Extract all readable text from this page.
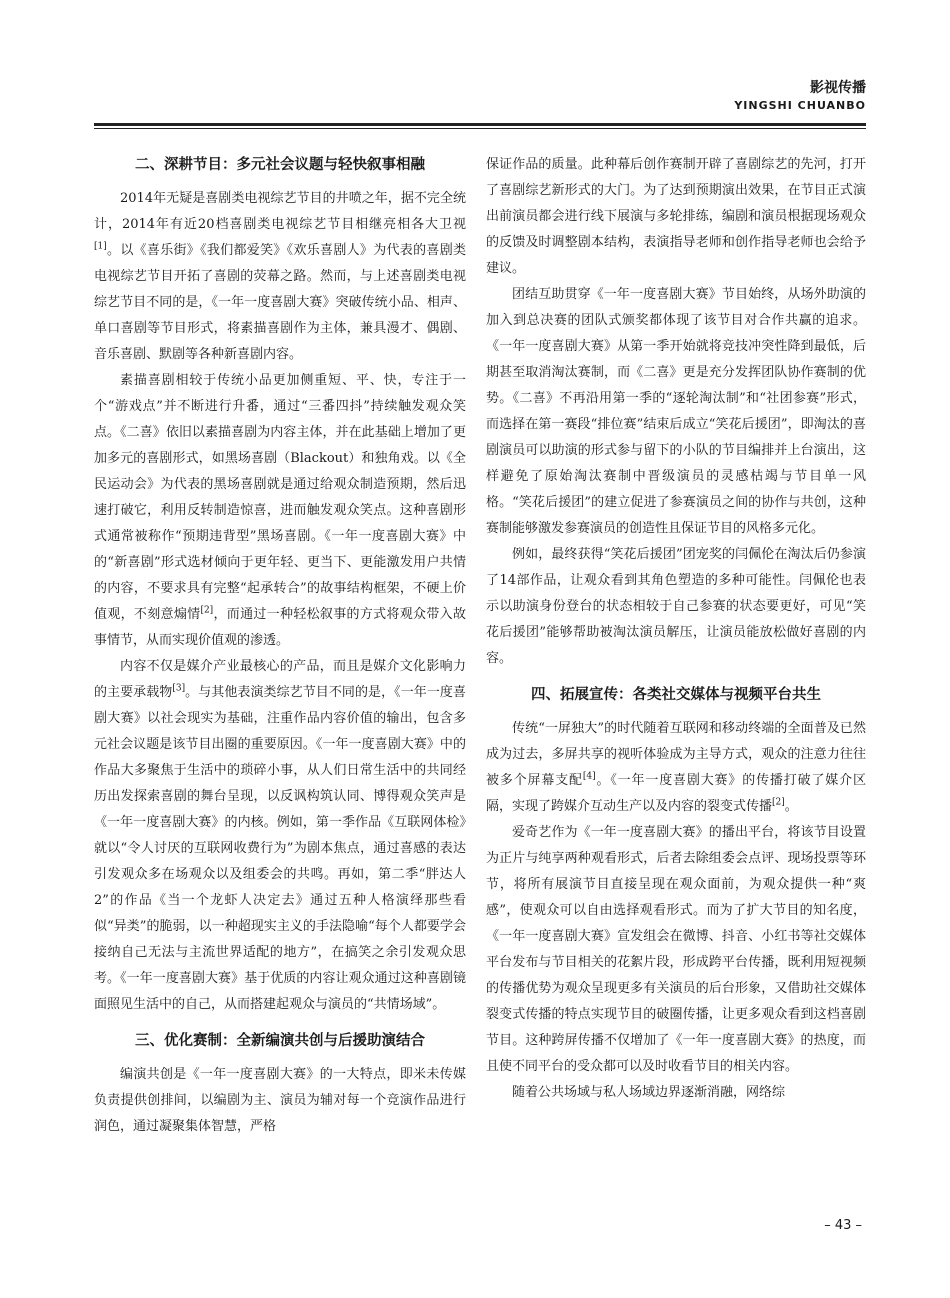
影视传播
YINGSHI CHUANBO
二、深耕节目：多元社会议题与轻快叙事相融

2014年无疑是喜剧类电视综艺节目的井喷之年，据不完全统计，2014年有近20档喜剧类电视综艺节目相继亮相各大卫视[1]。以《喜乐街》《我们都爱笑》《欢乐喜剧人》为代表的喜剧类电视综艺节目开拓了喜剧的荧幕之路。然而，与上述喜剧类电视综艺节目不同的是，《一年一度喜剧大赛》突破传统小品、相声、单口喜剧等节目形式，将素描喜剧作为主体，兼具漫才、偶剧、音乐喜剧、默剧等各种新喜剧内容。

素描喜剧相较于传统小品更加侧重短、平、快，专注于一个“游戏点”并不断进行升番，通过“三番四抖”持续触发观众笑点。《二喜》依旧以素描喜剧为内容主体，并在此基础上增加了更加多元的喜剧形式，如黑场喜剧（Blackout）和独角戏。以《全民运动会》为代表的黑场喜剧就是通过给观众制造预期，然后迅速打破它，利用反转制造惊喜，进而触发观众笑点。这种喜剧形式通常被称作“预期违背型”黑场喜剧。《一年一度喜剧大赛》中的“新喜剧”形式选材倾向于更年轻、更当下、更能激发用户共情的内容，不要求具有完整“起承转合”的故事结构框架，不硬上价值观，不刻意煽情[2]，而通过一种轻松叙事的方式将观众带入故事情节，从而实现价值观的渗透。

内容不仅是媒介产业最核心的产品，而且是媒介文化影响力的主要承载物[3]。与其他表演类综艺节目不同的是，《一年一度喜剧大赛》以社会现实为基础，注重作品内容价值的输出，包含多元社会议题是该节目出圈的重要原因。《一年一度喜剧大赛》中的作品大多聚焦于生活中的琐碎小事，从人们日常生活中的共同经历出发探索喜剧的舞台呈现，以反讽构筑认同、博得观众笑声是《一年一度喜剧大赛》的内核。例如，第一季作品《互联网体检》就以“令人讨厌的互联网收费行为”为剧本焦点，通过喜感的表达引发观众多在场观众以及组委会的共鸣。再如，第二季“胖达人2”的作品《当一个龙虾人决定去》通过五种人格演绎那些看似“异类”的脆弱，以一种超现实主义的手法隐喻“每个人都要学会接纳自己无法与主流世界适配的地方”，在搞笑之余引发观众思考。《一年一度喜剧大赛》基于优质的内容让观众通过这种喜剧镜面照见生活中的自己，从而搭建起观众与演员的“共情场域”。

三、优化赛制：全新编演共创与后援助演结合

编演共创是《一年一度喜剧大赛》的一大特点，即米未传媒负责提供创排间，以编剧为主、演员为辅对每一个竞演作品进行润色，通过凝聚集体智慧，严格

保证作品的质量。此种幕后创作赛制开辟了喜剧综艺的先河，打开了喜剧综艺新形式的大门。为了达到预期演出效果，在节目正式演出前演员都会进行线下展演与多轮排练，编剧和演员根据现场观众的反馈及时调整剧本结构，表演指导老师和创作指导老师也会给予建议。

团结互助贯穿《一年一度喜剧大赛》节目始终，从场外助演的加入到总决赛的团队式颁奖都体现了该节目对合作共赢的追求。《一年一度喜剧大赛》从第一季开始就将竞技冲突性降到最低，后期甚至取消淘汰赛制，而《二喜》更是充分发挥团队协作赛制的优势。《二喜》不再沿用第一季的“逐轮淘汰制”和“社团参赛”形式，而选择在第一赛段“排位赛”结束后成立“笑花后援团”，即淘汰的喜剧演员可以助演的形式参与留下的小队的节目编排并上台演出，这样避免了原始淘汰赛制中晋级演员的灵感枯竭与节目单一风格。“笑花后援团”的建立促进了参赛演员之间的协作与共创，这种赛制能够激发参赛演员的创造性且保证节目的风格多元化。

例如，最终获得“笑花后援团”团宠奖的闫佩伦在淘汰后仍参演了14部作品，让观众看到其角色塑造的多种可能性。闫佩伦也表示以助演身份登台的状态相较于自己参赛的状态要更好，可见“笑花后援团”能够帮助被淘汰演员解压，让演员能放松做好喜剧的内容。

四、拓展宣传：各类社交媒体与视频平台共生

传统“一屏独大”的时代随着互联网和移动终端的全面普及已然成为过去，多屏共享的视听体验成为主导方式，观众的注意力往往被多个屏幕支配[4]。《一年一度喜剧大赛》的传播打破了媒介区隔，实现了跨媒介互动生产以及内容的裂变式传播[2]。

爱奇艺作为《一年一度喜剧大赛》的播出平台，将该节目设置为正片与纯享两种观看形式，后者去除组委会点评、现场投票等环节，将所有展演节目直接呈现在观众面前，为观众提供一种“爽感”，使观众可以自由选择观看形式。而为了扩大节目的知名度，《一年一度喜剧大赛》宣发组会在微博、抖音、小红书等社交媒体平台发布与节目相关的花絮片段，形成跨平台传播，既利用短视频的传播优势为观众呈现更多有关演员的后台形象，又借助社交媒体裂变式传播的特点实现节目的破圈传播，让更多观众看到这档喜剧节目。这种跨屏传播不仅增加了《一年一度喜剧大赛》的热度，而且使不同平台的受众都可以及时收看节目的相关内容。

随着公共场域与私人场域边界逐渐消融，网络综

– 43 –
